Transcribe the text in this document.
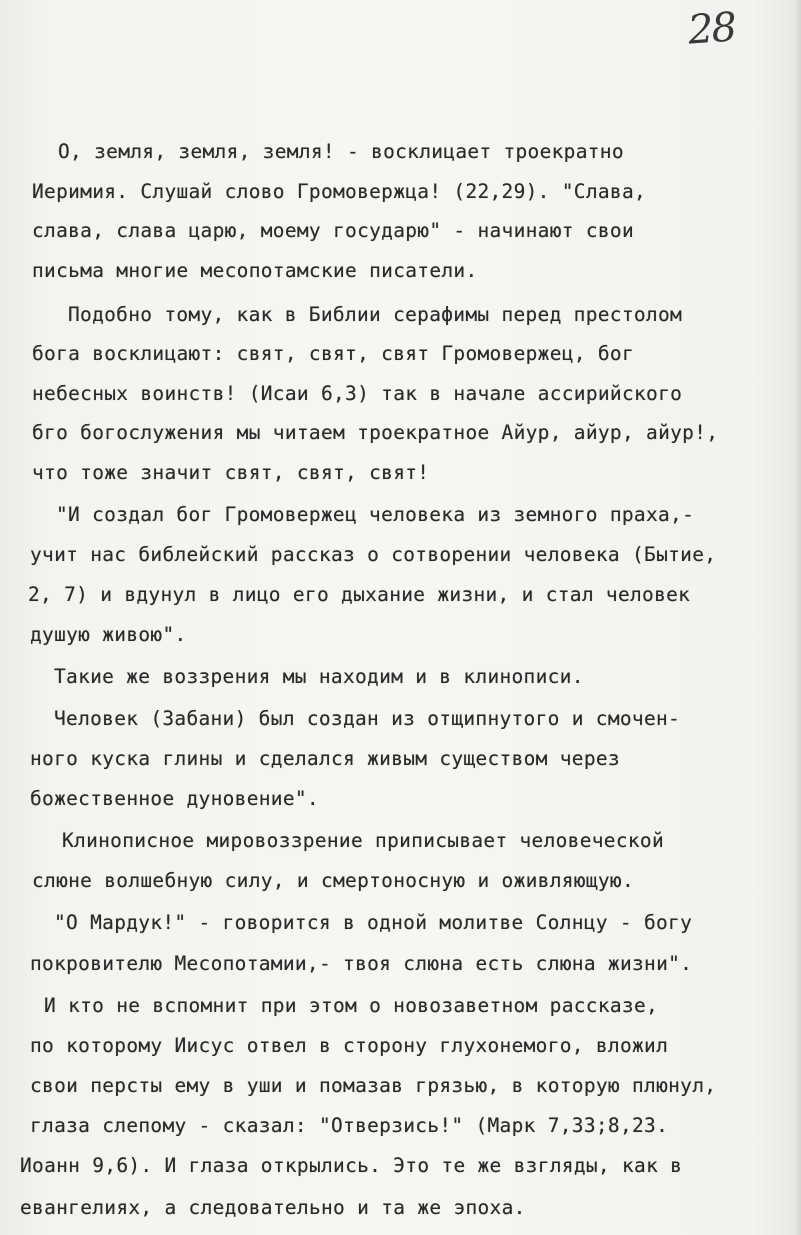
28
О, земля, земля, земля! - восклицает троекратно
Иеримия. Слушай слово Громовержца! (22,29). "Слава,
слава, слава царю, моему государю" - начинают свои
письма многие месопотамские писатели.
Подобно тому, как в Библии серафимы перед престолом
бога восклицают: свят, свят, свят Громовержец, бог
небесных воинств! (Исаи 6,3) так в начале ассирийского
бго богослужения мы читаем троекратное Айур, айур, айур!,
что тоже значит свят, свят, свят!
"И создал бог Громовержец человека из земного праха,-
учит нас библейский рассказ о сотворении человека (Бытие,
2, 7) и вдунул в лицо его дыхание жизни, и стал человек
душую живою".
Такие же воззрения мы находим и в клинописи.
Человек (Забани) был создан из отщипнутого и смочен-
ного куска глины и сделался живым существом через
божественное дуновение".
Клинописное мировоззрение приписывает человеческой
слюне волшебную силу, и смертоносную и оживляющую.
"О Мардук!" - говорится в одной молитве Солнцу - богу
покровителю Месопотамии,- твоя слюна есть слюна жизни".
И кто не вспомнит при этом о новозаветном рассказе,
по которому Иисус отвел в сторону глухонемого, вложил
свои персты ему в уши и помазав грязью, в которую плюнул,
глаза слепому - сказал: "Отверзись!" (Марк 7,33;8,23.
Иоанн 9,6). И глаза открылись. Это те же взгляды, как в
евангелиях, а следовательно и та же эпоха.
